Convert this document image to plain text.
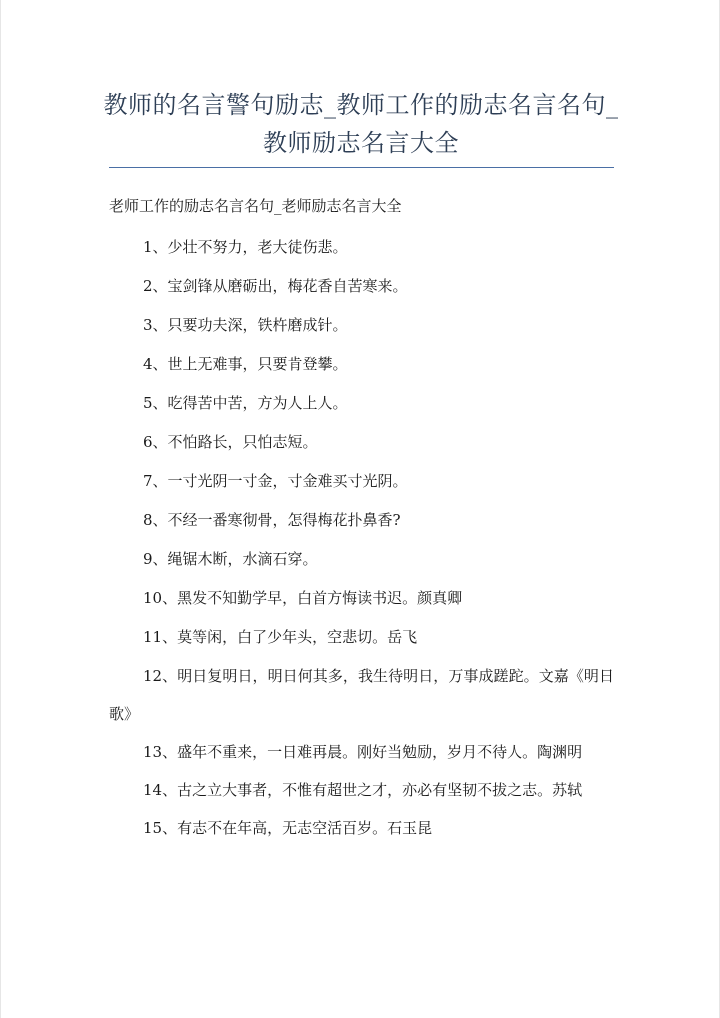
教师的名言警句励志_教师工作的励志名言名句_教师励志名言大全
老师工作的励志名言名句_老师励志名言大全
1、少壮不努力，老大徒伤悲。
2、宝剑锋从磨砺出，梅花香自苦寒来。
3、只要功夫深，铁杵磨成针。
4、世上无难事，只要肯登攀。
5、吃得苦中苦，方为人上人。
6、不怕路长，只怕志短。
7、一寸光阴一寸金，寸金难买寸光阴。
8、不经一番寒彻骨，怎得梅花扑鼻香?
9、绳锯木断，水滴石穿。
10、黑发不知勤学早，白首方悔读书迟。颜真卿
11、莫等闲，白了少年头，空悲切。岳飞
12、明日复明日，明日何其多，我生待明日，万事成蹉跎。文嘉《明日歌》
13、盛年不重来，一日难再晨。刚好当勉励，岁月不待人。陶渊明
14、古之立大事者，不惟有超世之才，亦必有坚韧不拔之志。苏轼
15、有志不在年高，无志空活百岁。石玉昆
